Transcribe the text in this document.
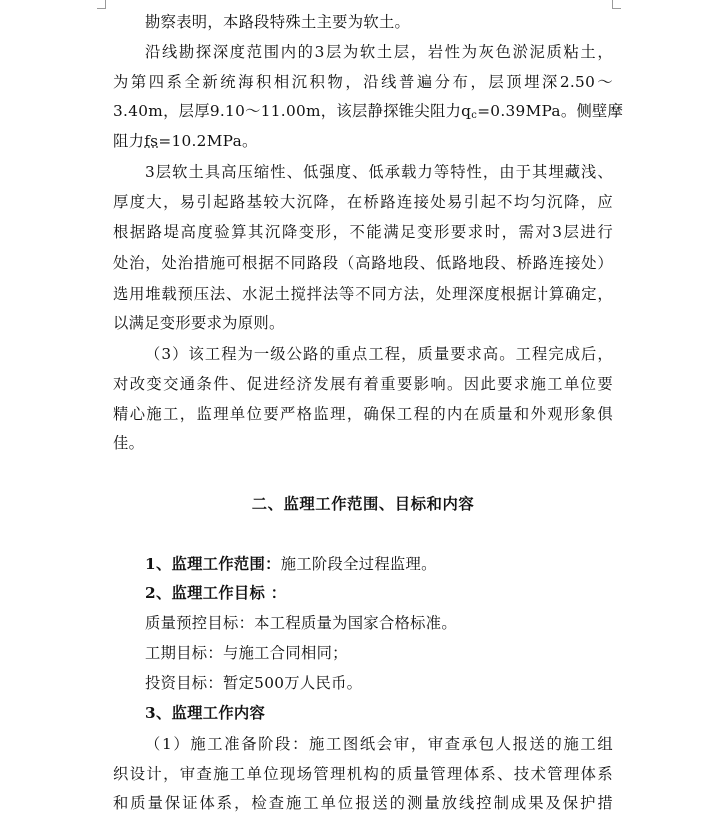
勘察表明，本路段特殊土主要为软土。
沿线勘探深度范围内的3层为软土层，岩性为灰色淤泥质粘土，
为第四系全新统海积相沉积物，沿线普遍分布，层顶埋深2.50～
3.40m，层厚9.10～11.00m，该层静探锥尖阻力$q_c=0.39MPa$。侧壁摩
阻力fs=10.2MPa。
3层软土具高压缩性、低强度、低承载力等特性，由于其埋藏浅、
厚度大，易引起路基较大沉降，在桥路连接处易引起不均匀沉降，应
根据路堤高度验算其沉降变形，不能满足变形要求时，需对3层进行
处治，处治措施可根据不同路段（高路地段、低路地段、桥路连接处）
选用堆载预压法、水泥土搅拌法等不同方法，处理深度根据计算确定，
以满足变形要求为原则。
（3）该工程为一级公路的重点工程，质量要求高。工程完成后，
对改变交通条件、促进经济发展有着重要影响。因此要求施工单位要
精心施工，监理单位要严格监理，确保工程的内在质量和外观形象俱
佳。
二、监理工作范围、目标和内容
1、监理工作范围：施工阶段全过程监理。
2、监理工作目标 ：
质量预控目标：本工程质量为国家合格标准。
工期目标：与施工合同相同；
投资目标：暂定500万人民币。
3、监理工作内容
（1）施工准备阶段：施工图纸会审，审查承包人报送的施工组
织设计，审查施工单位现场管理机构的质量管理体系、技术管理体系
和质量保证体系，检查施工单位报送的测量放线控制成果及保护措
